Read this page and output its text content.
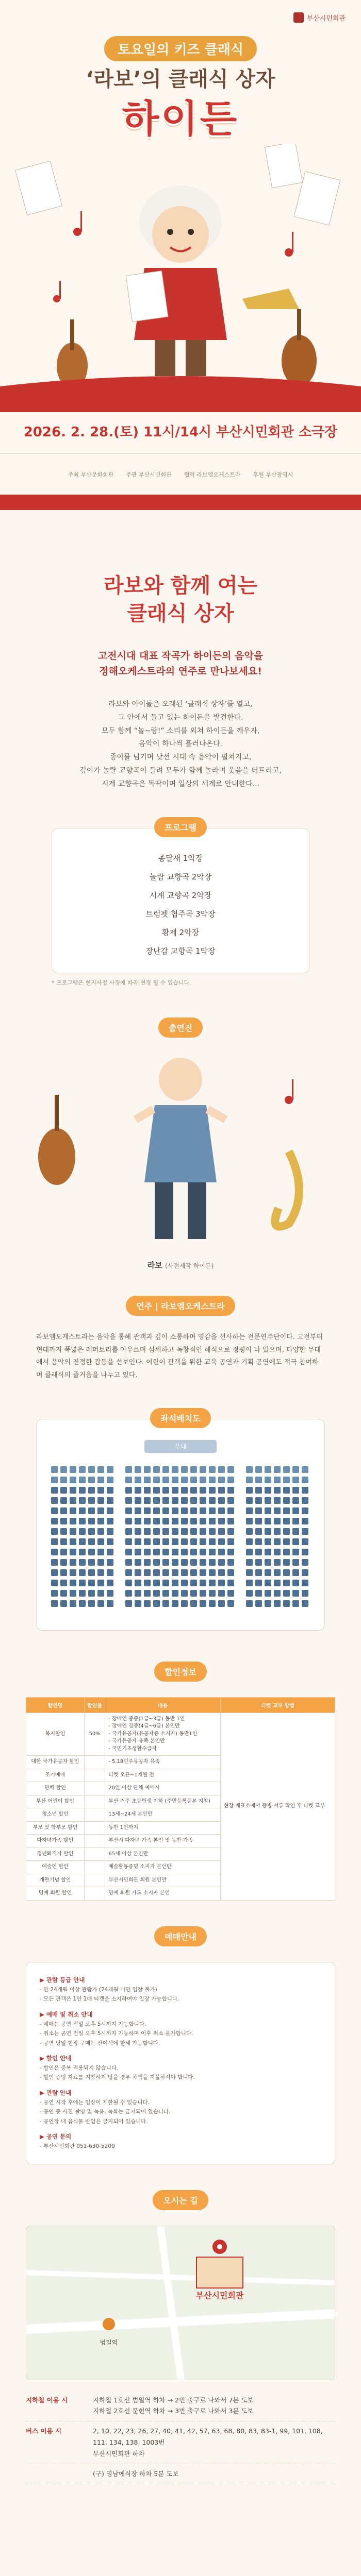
부산시민회관
토요일의 키즈 클래식
‘라보’의 클래식 상자
하이든
2026. 2. 28.(토) 11시/14시 부산시민회관 소극장
주최 부산문화회관 주관 부산시민회관 협력 라보엠오케스트라 후원 부산광역시
라보와 함께 여는
클래식 상자

고전시대 대표 작곡가 하이든의 음악을
정해오케스트라의 연주로 만나보세요!

라보와 아이들은 오래된 ‘클래식 상자’를 열고,
그 안에서 들고 있는 하이든을 발견한다.
모두 함께 “놀~람!” 소리를 외쳐 하이든을 깨우자,
음악이 하나씩 흘러나온다.
종이를 넘기며 낯선 시대 속 음악이 펼쳐지고,
깊이가 놀랄 교향곡이 들려 모두가 함께 놀라며 웃음을 터트리고,
시계 교향곡은 똑딱이며 일상의 세계로 안내한다...

프로그램
종달새 1악장
놀람 교향곡 2악장
시계 교향곡 2악장
트럼펫 협주곡 3악장
황제 2악장
장난감 교향곡 1악장

* 프로그램은 현지사정 사정에 따라 변경 될 수 있습니다.

출연진
라보 (사전제작 하이든)
연주 | 라보엠오케스트라

라보엠오케스트라는 음악을 통해 관객과 깊이 소통하며 영감을 선사하는 전문연주단이다. 고전부터 현대까지 폭넓은 레퍼토리를 아우르며 섬세하고 독창적인 해석으로 정평이 나 있으며, 다양한 무대에서 음악의 진정한 감동을 선보인다. 어린이 관객을 위한 교육 공연과 기획 공연에도 적극 참여하며 클래식의 즐거움을 나누고 있다.

좌석배치도
무대
할인정보
할인명	할인율	내용	티켓 교부 방법
복지할인	50%	- 장애인 중증(1급~3급) 동반 1인
- 장애인 경증(4급~6급) 본인만
- 국가유공자(유공자증 소지자) 동반1인
- 국가유공자 유족 본인만
- 국민기초생활수급자	현장 매표소에서 증빙 서류 확인 후 티켓 교부
대한 국가유공자 할인		- 5.18민주유공자 유족	
조기예매		티켓 오픈~1개월 전	
단체 할인		20인 이상 단체 예매시	
부산 어린이 할인		부산 거주 초등학생 이하 (주민등록등본 지참)	
청소년 할인		13세~24세 본인만	
부모 및 학부모 할인		동반 1인까지	
다자녀가족 할인		부산시 다자녀 가족 본인 및 동반 가족	
정년퇴직자 할인		65세 이상 본인만	
예술인 할인		예술활동증명 소지자 본인만	
개관기념 할인		부산시민회관 회원 본인만	
명예 회원 할인		명예 회원 카드 소지자 본인	
예매안내
▶ 관람 등급 안내
- 만 24개월 이상 관람가 (24개월 미만 입장 불가)
- 모든 관객은 1인 1매 티켓을 소지하여야 입장 가능합니다.
▶ 예매 및 취소 안내
- 예매는 공연 전일 오후 5시까지 가능합니다.
- 취소는 공연 전일 오후 5시까지 가능하며 이후 취소 불가합니다.
- 공연 당일 현장 구매는 잔여석에 한해 가능합니다.
▶ 할인 안내
- 할인은 중복 적용되지 않습니다.
- 할인 증빙 자료를 지참하지 않을 경우 차액을 지불하셔야 합니다.
▶ 관람 안내
- 공연 시작 후에는 입장이 제한될 수 있습니다.
- 공연 중 사진 촬영 및 녹음, 녹화는 금지되어 있습니다.
- 공연장 내 음식물 반입은 금지되어 있습니다.
▶ 공연 문의
- 부산시민회관 051-630-5200
오시는 길
부산시민회관
범일역
지하철 이용 시	지하철 1호선 범일역 하차 → 2번 출구로 나와서 7분 도보
지하철 2호선 문현역 하차 → 3번 출구로 나와서 3분 도보
버스 이용 시	2, 10, 22, 23, 26, 27, 40, 41, 42, 57, 63, 68, 80, 83, 83-1, 99, 101, 108, 111, 134, 138, 1003번
부산시민회관 하차
(구) 영남예식장 하차 5분 도보
